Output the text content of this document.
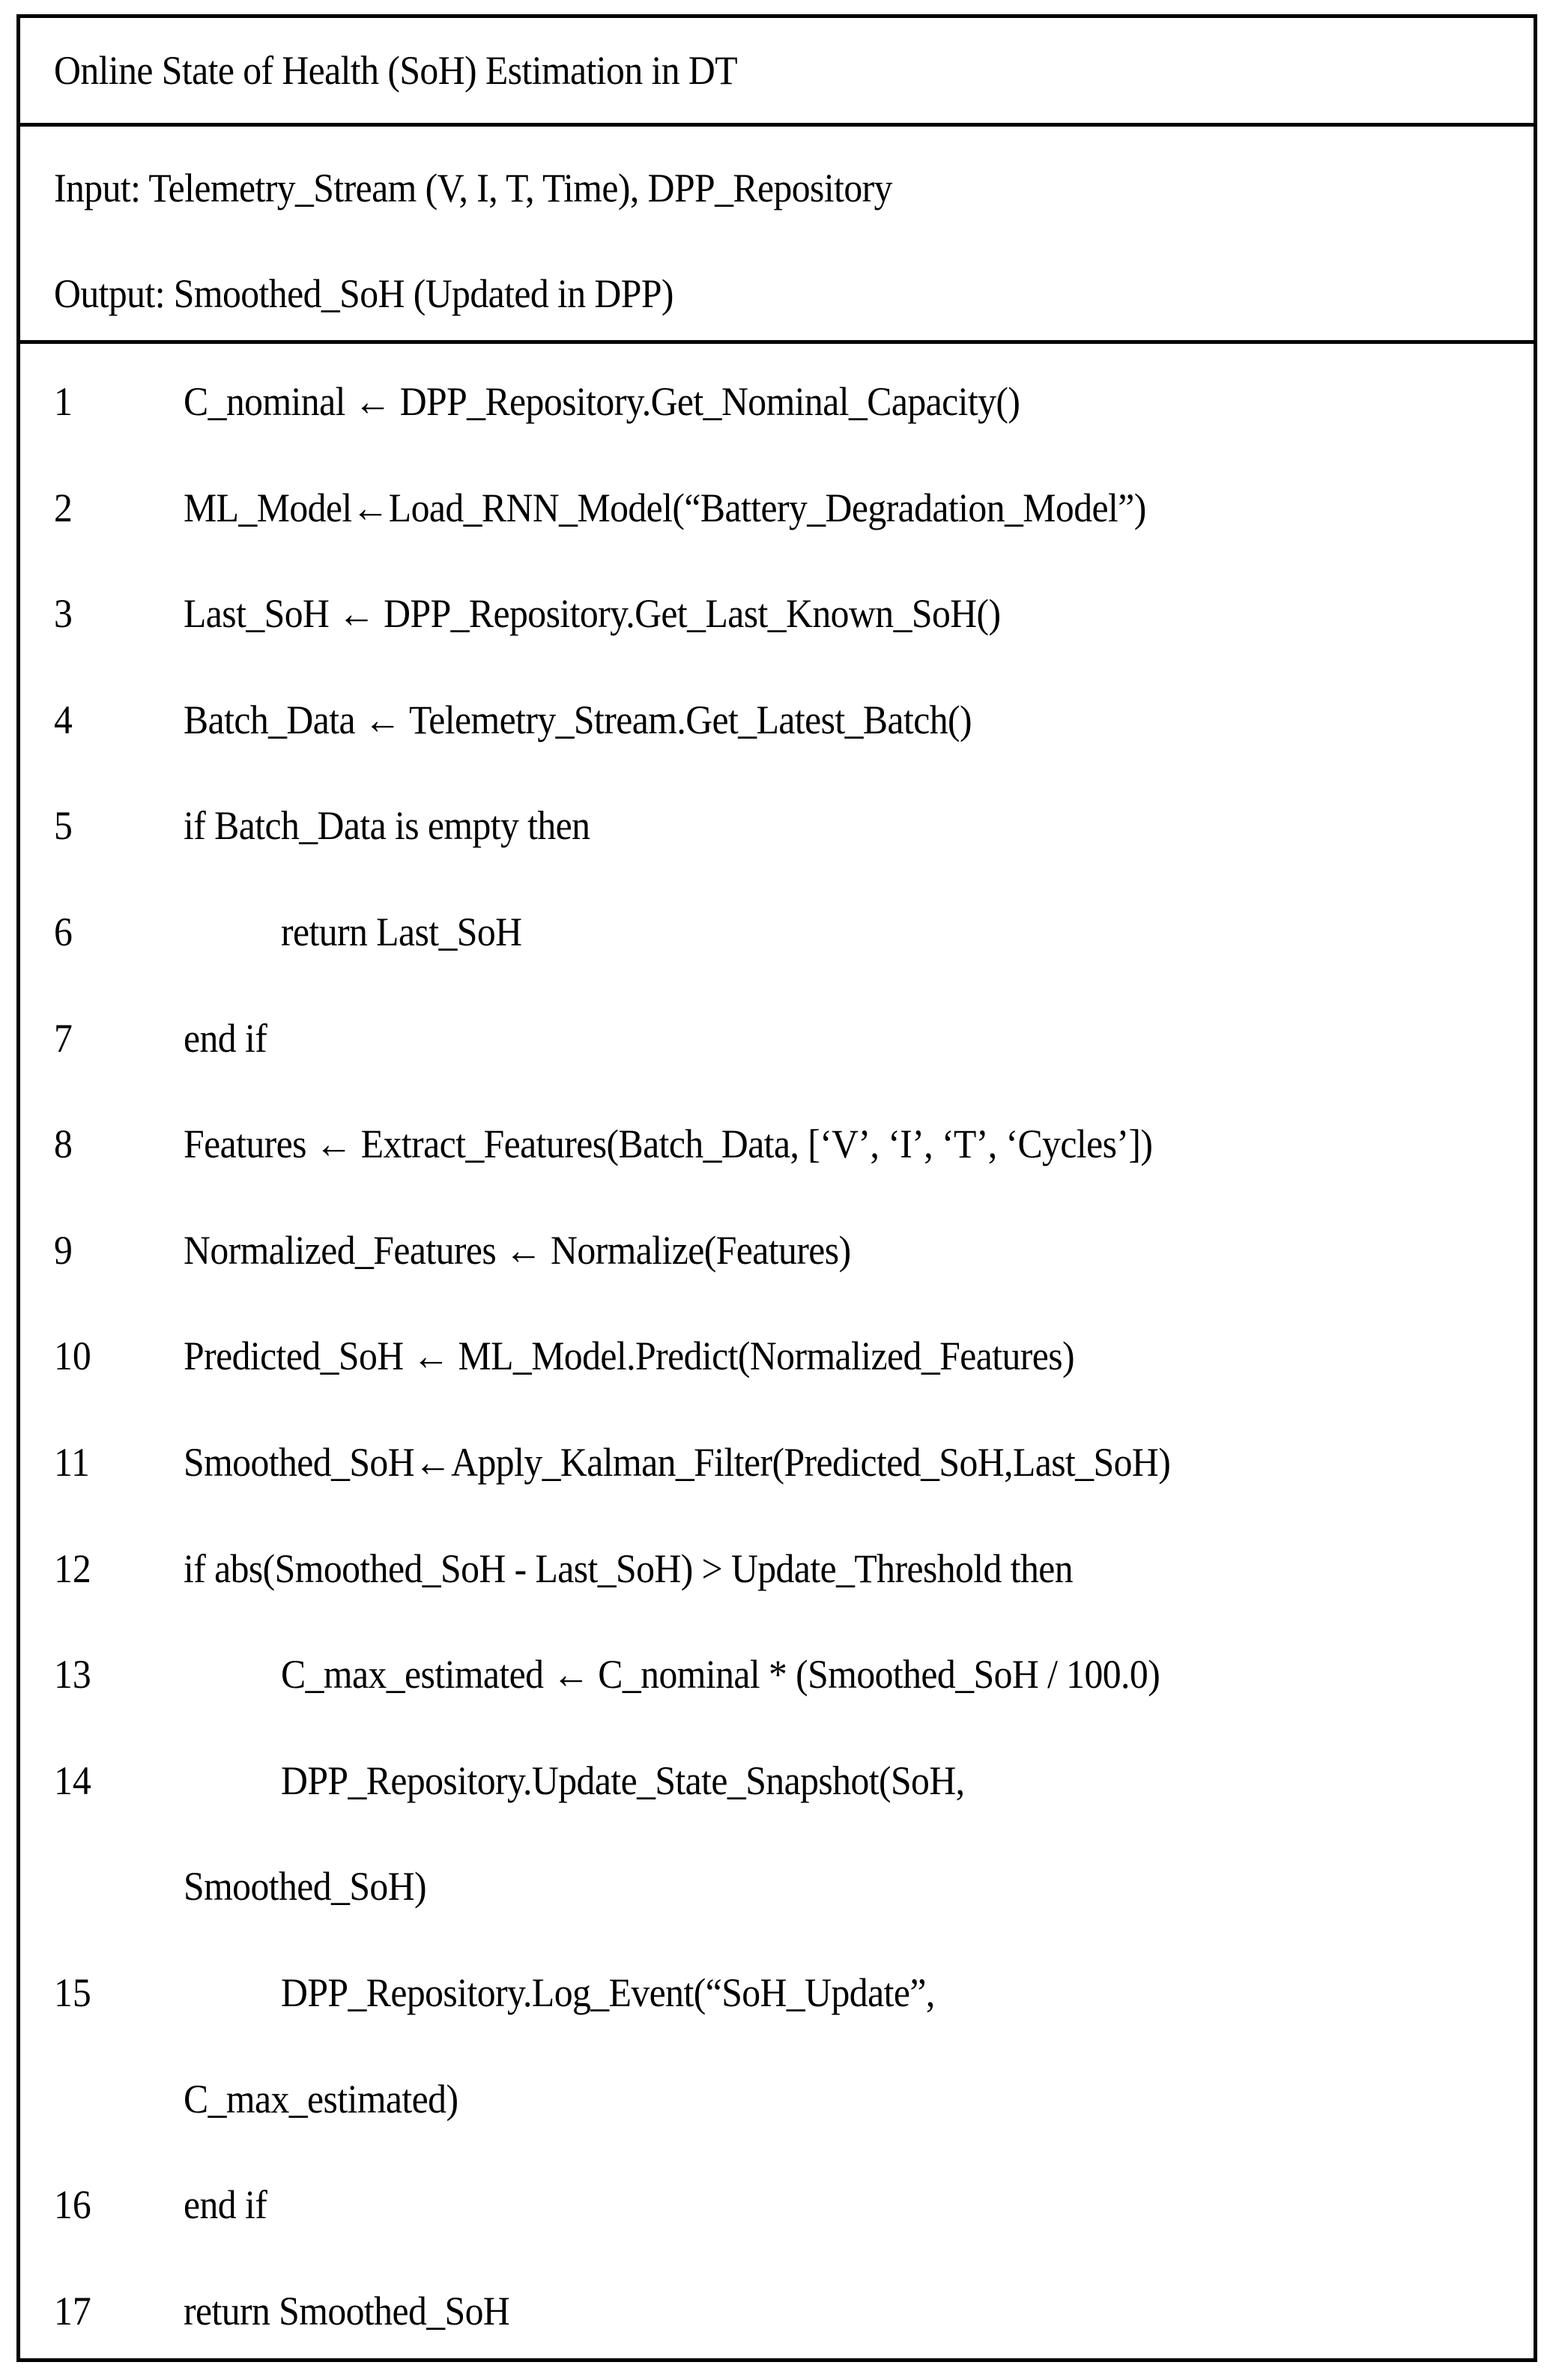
Online State of Health (SoH) Estimation in DT
Input: Telemetry_Stream (V, I, T, Time), DPP_Repository
Output: Smoothed_SoH (Updated in DPP)
1	C_nominal ← DPP_Repository.Get_Nominal_Capacity()
2	ML_Model←Load_RNN_Model(“Battery_Degradation_Model”)
3	Last_SoH ← DPP_Repository.Get_Last_Known_SoH()
4	Batch_Data ← Telemetry_Stream.Get_Latest_Batch()
5	if Batch_Data is empty then
6	return Last_SoH
7	end if
8	Features ← Extract_Features(Batch_Data, [‘V’, ‘I’, ‘T’, ‘Cycles’])
9	Normalized_Features ← Normalize(Features)
10 Predicted_SoH ← ML_Model.Predict(Normalized_Features)
11 Smoothed_SoH←Apply_Kalman_Filter(Predicted_SoH,Last_SoH)
12 if abs(Smoothed_SoH - Last_SoH) > Update_Threshold then
13	C_max_estimated ← C_nominal * (Smoothed_SoH / 100.0)
14	DPP_Repository.Update_State_Snapshot(SoH,
Smoothed_SoH)
15	DPP_Repository.Log_Event(“SoH_Update”,
C_max_estimated)
16 end if
17 return Smoothed_SoH
